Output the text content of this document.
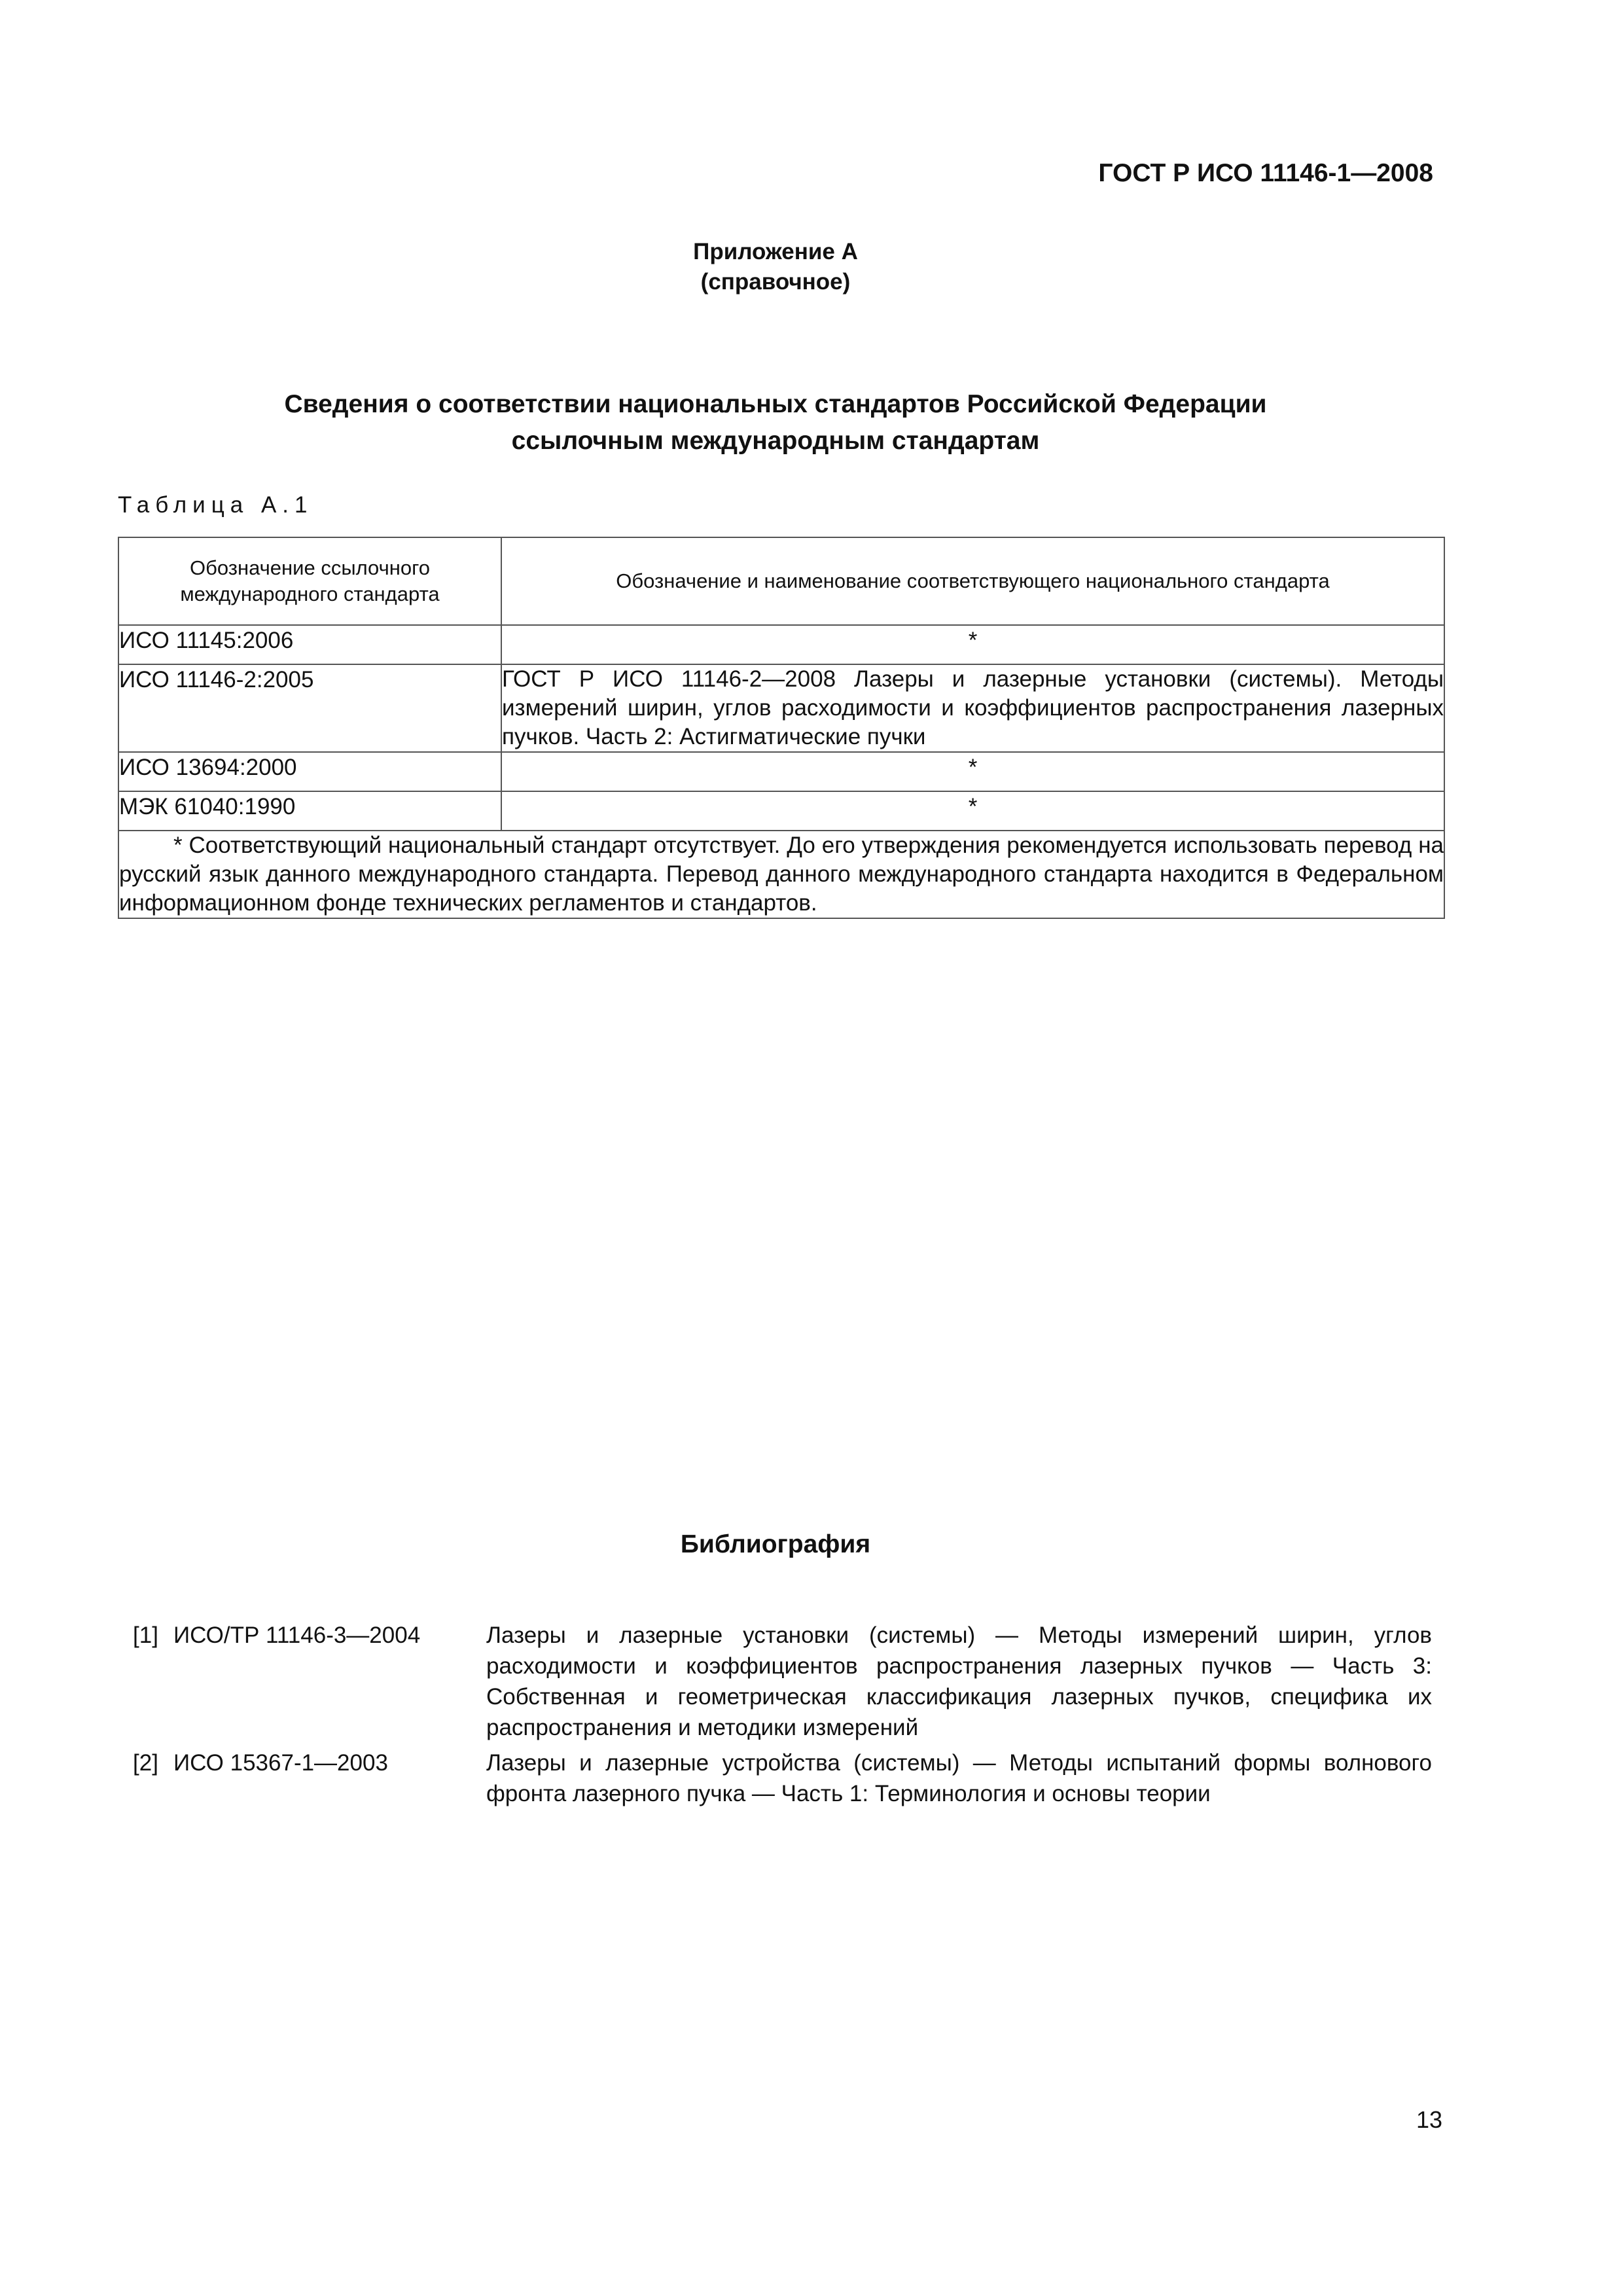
ГОСТ Р ИСО 11146-1—2008
Приложение А
(справочное)
Сведения о соответствии национальных стандартов Российской Федерации
ссылочным международным стандартам
Таблица А.1
Обозначение ссылочного международного стандарта	Обозначение и наименование соответствующего национального стандарта
ИСО 11145:2006	*
ИСО 11146-2:2005	ГОСТ Р ИСО 11146-2—2008 Лазеры и лазерные установки (системы). Методы измерений ширин, углов расходимости и коэффициентов распространения лазерных пучков. Часть 2: Астигматические пучки
ИСО 13694:2000	*
МЭК 61040:1990	*
* Соответствующий национальный стандарт отсутствует. До его утверждения рекомендуется использовать перевод на русский язык данного международного стандарта. Перевод данного международного стандарта находится в Федеральном информационном фонде технических регламентов и стандартов.	
Библиография
[1] ИСО/ТР 11146-3—2004	Лазеры и лазерные установки (системы) — Методы измерений ширин, углов расходимости и коэффициентов распространения лазерных пучков — Часть 3: Собственная и геометрическая классификация лазерных пучков, специфика их распространения и методики измерений
[2] ИСО 15367-1—2003	Лазеры и лазерные устройства (системы) — Методы испытаний формы волнового фронта лазерного пучка — Часть 1: Терминология и основы теории
13
